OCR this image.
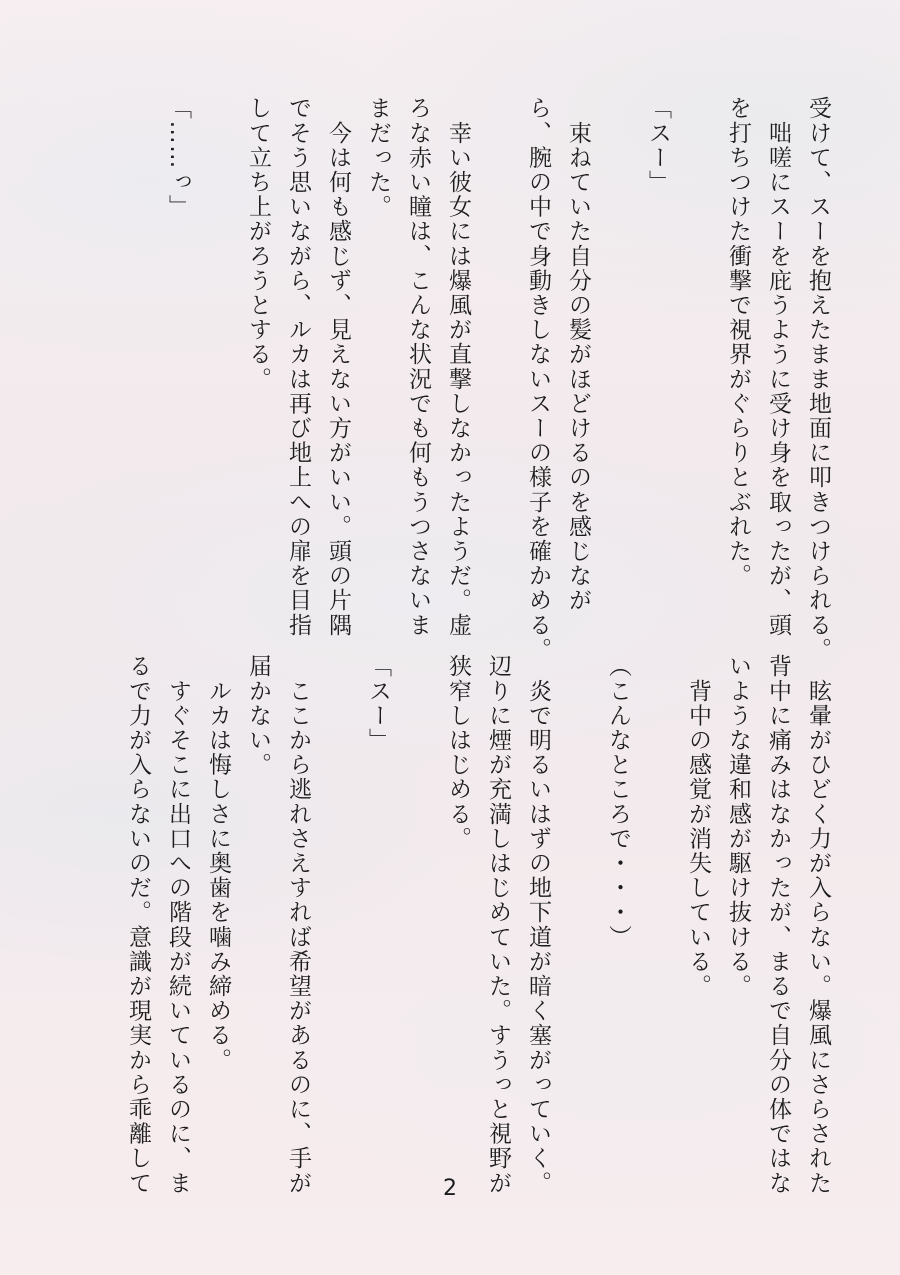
受けて、スーを抱えたまま地面に叩きつけられる。
　咄嗟にスーを庇うように受け身を取ったが、頭
を打ちつけた衝撃で視界がぐらりとぶれた。
「スー」
　束ねていた自分の髪がほどけるのを感じなが
ら、腕の中で身動きしないスーの様子を確かめる。
　幸い彼女には爆風が直撃しなかったようだ。虚
ろな赤い瞳は、こんな状況でも何もうつさないま
まだった。
　今は何も感じず、見えない方がいい。頭の片隅
でそう思いながら、ルカは再び地上への扉を目指
して立ち上がろうとする。
「……っ」
　眩暈がひどく力が入らない。爆風にさらされた
背中に痛みはなかったが、まるで自分の体ではな
いような違和感が駆け抜ける。
　背中の感覚が消失している。
（こんなところで・・・）
　炎で明るいはずの地下道が暗く塞がっていく。
辺りに煙が充満しはじめていた。すうっと視野が
狭窄しはじめる。
「スー」
　ここから逃れさえすれば希望があるのに、手が
届かない。
　ルカは悔しさに奥歯を噛み締める。
　すぐそこに出口への階段が続いているのに、ま
るで力が入らないのだ。意識が現実から乖離して	2
